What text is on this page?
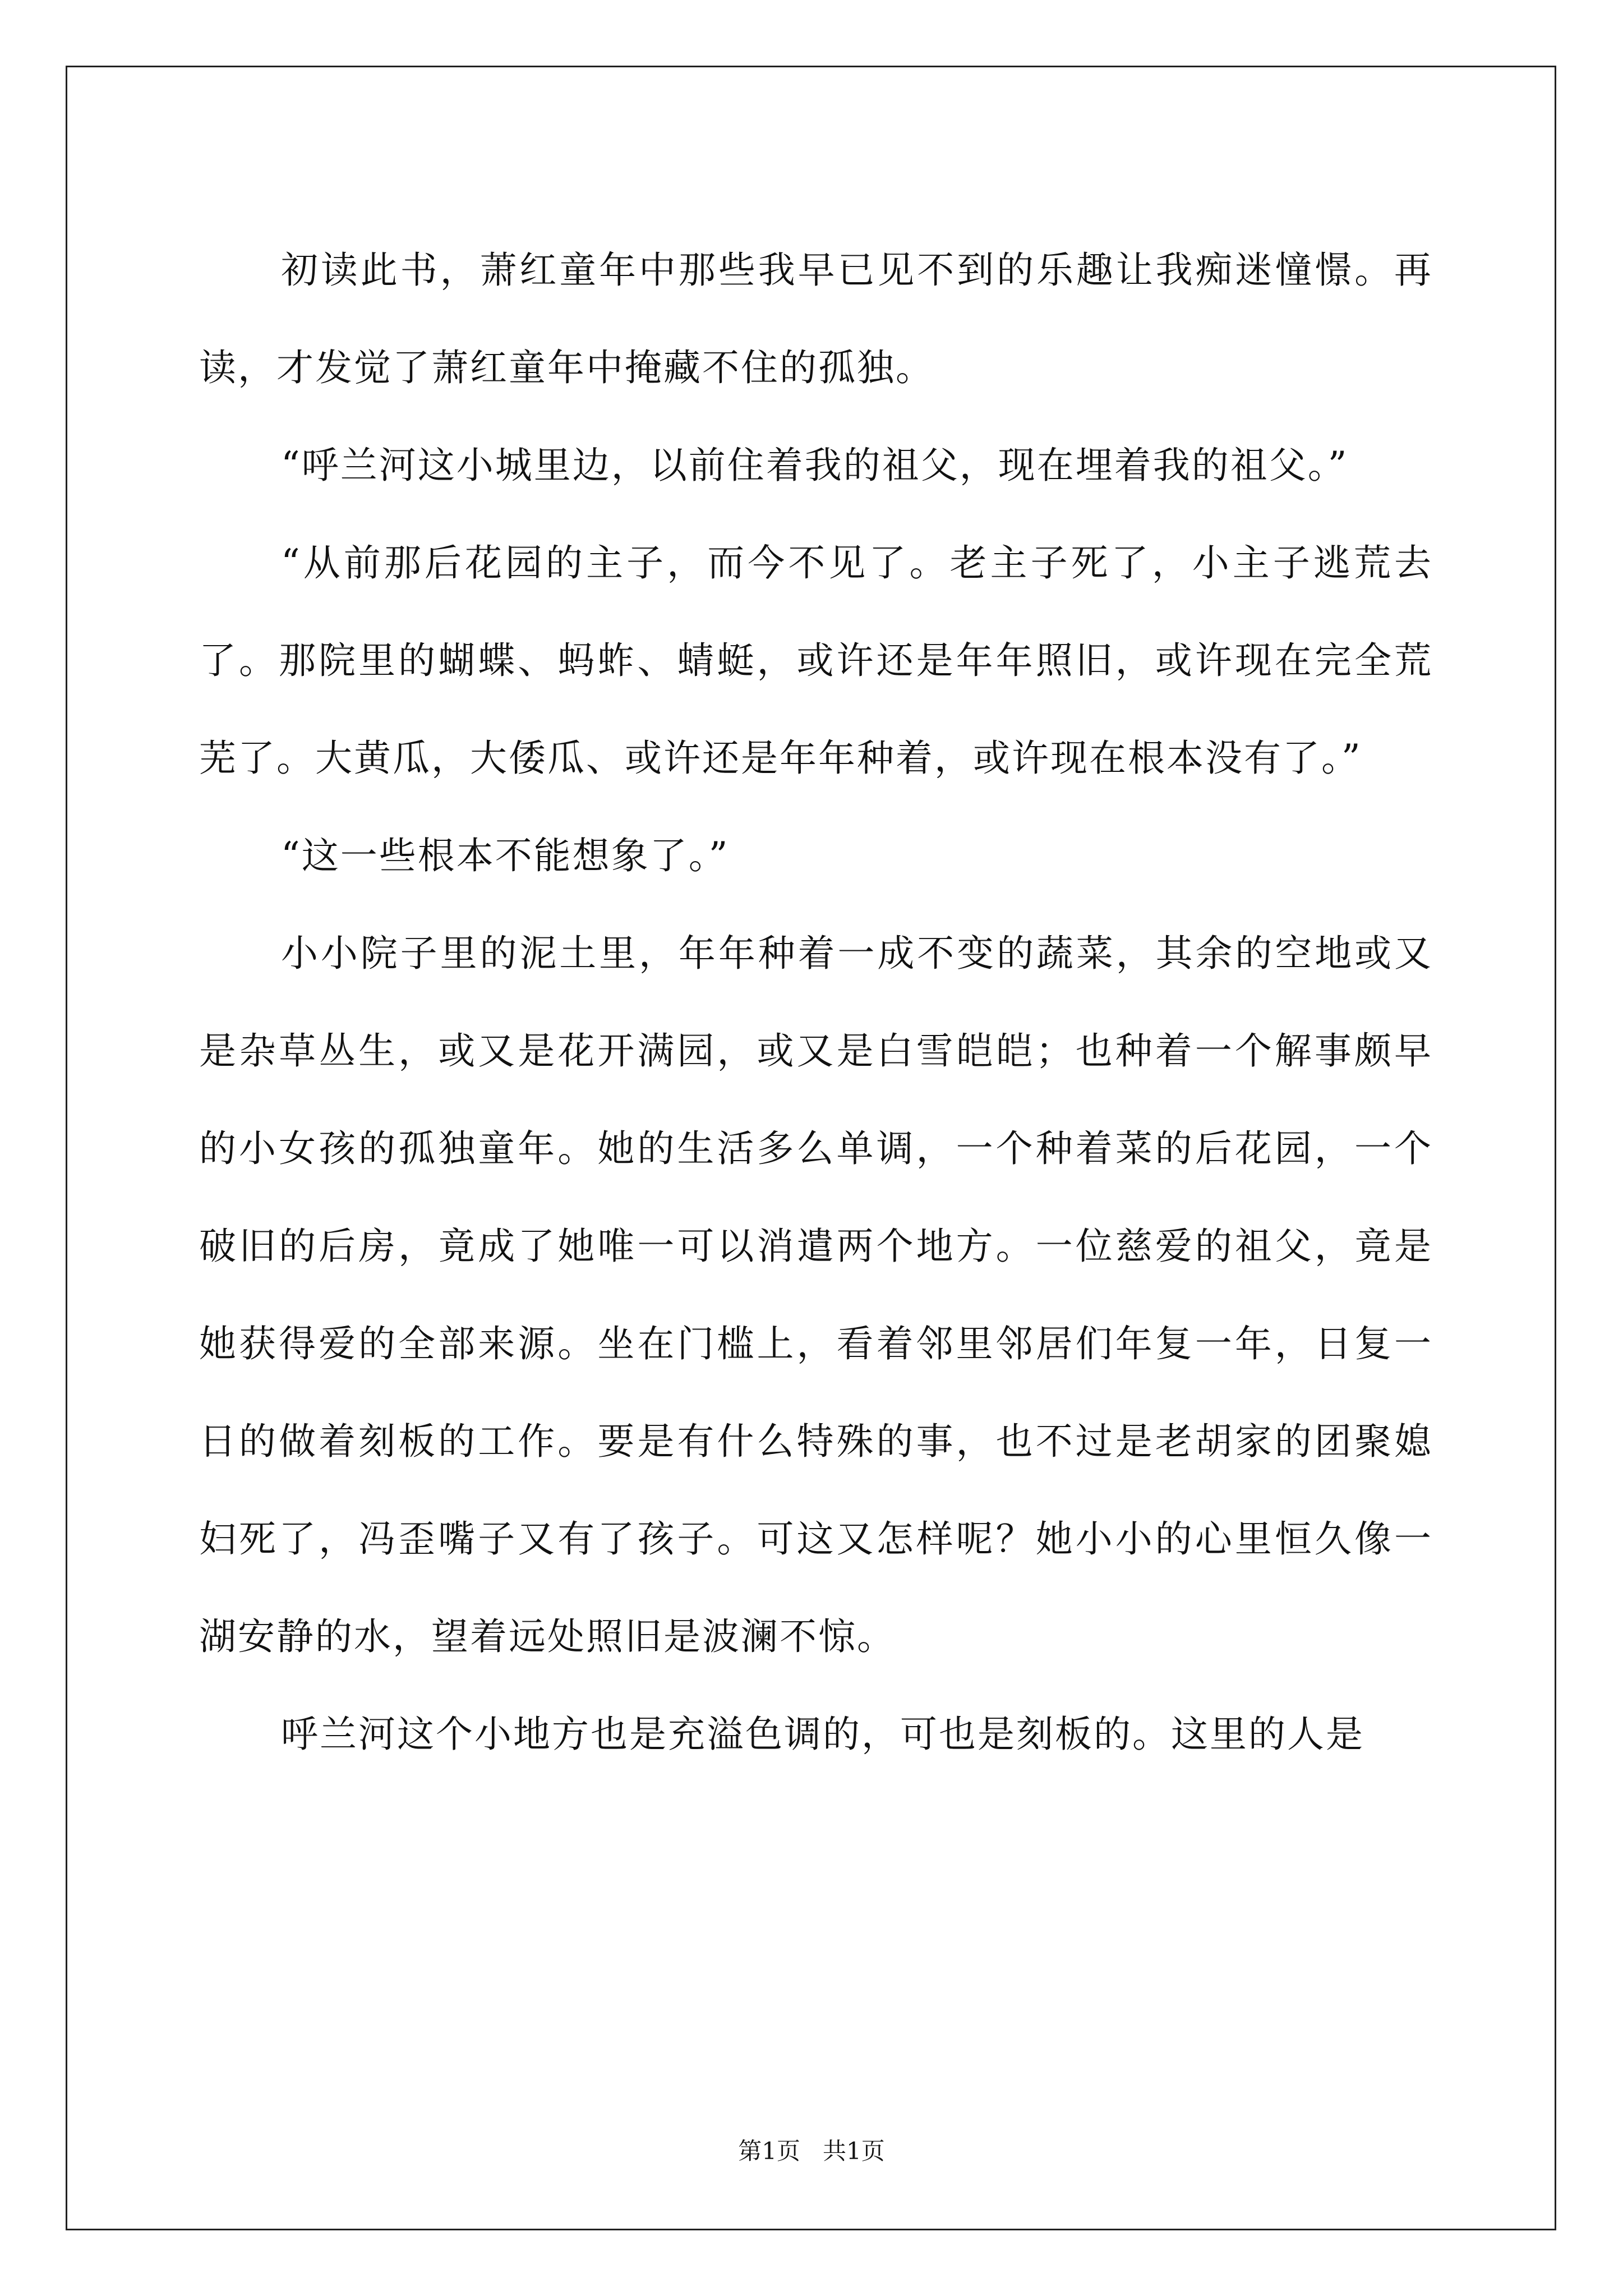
初读此书，萧红童年中那些我早已见不到的乐趣让我痴迷憧憬。再读，才发觉了萧红童年中掩藏不住的孤独。

“呼兰河这小城里边，以前住着我的祖父，现在埋着我的祖父。”

“从前那后花园的主子，而今不见了。老主子死了，小主子逃荒去了。那院里的蝴蝶、蚂蚱、蜻蜓，或许还是年年照旧，或许现在完全荒芜了。大黄瓜，大倭瓜、或许还是年年种着，或许现在根本没有了。”

“这一些根本不能想象了。”

小小院子里的泥土里，年年种着一成不变的蔬菜，其余的空地或又是杂草丛生，或又是花开满园，或又是白雪皑皑；也种着一个解事颇早的小女孩的孤独童年。她的生活多么单调，一个种着菜的后花园，一个破旧的后房，竟成了她唯一可以消遣两个地方。一位慈爱的祖父，竟是她获得爱的全部来源。坐在门槛上，看着邻里邻居们年复一年，日复一日的做着刻板的工作。要是有什么特殊的事，也不过是老胡家的团聚媳妇死了，冯歪嘴子又有了孩子。可这又怎样呢？她小小的心里恒久像一湖安静的水，望着远处照旧是波澜不惊。

呼兰河这个小地方也是充溢色调的，可也是刻板的。这里的人是

第1页   共1页
